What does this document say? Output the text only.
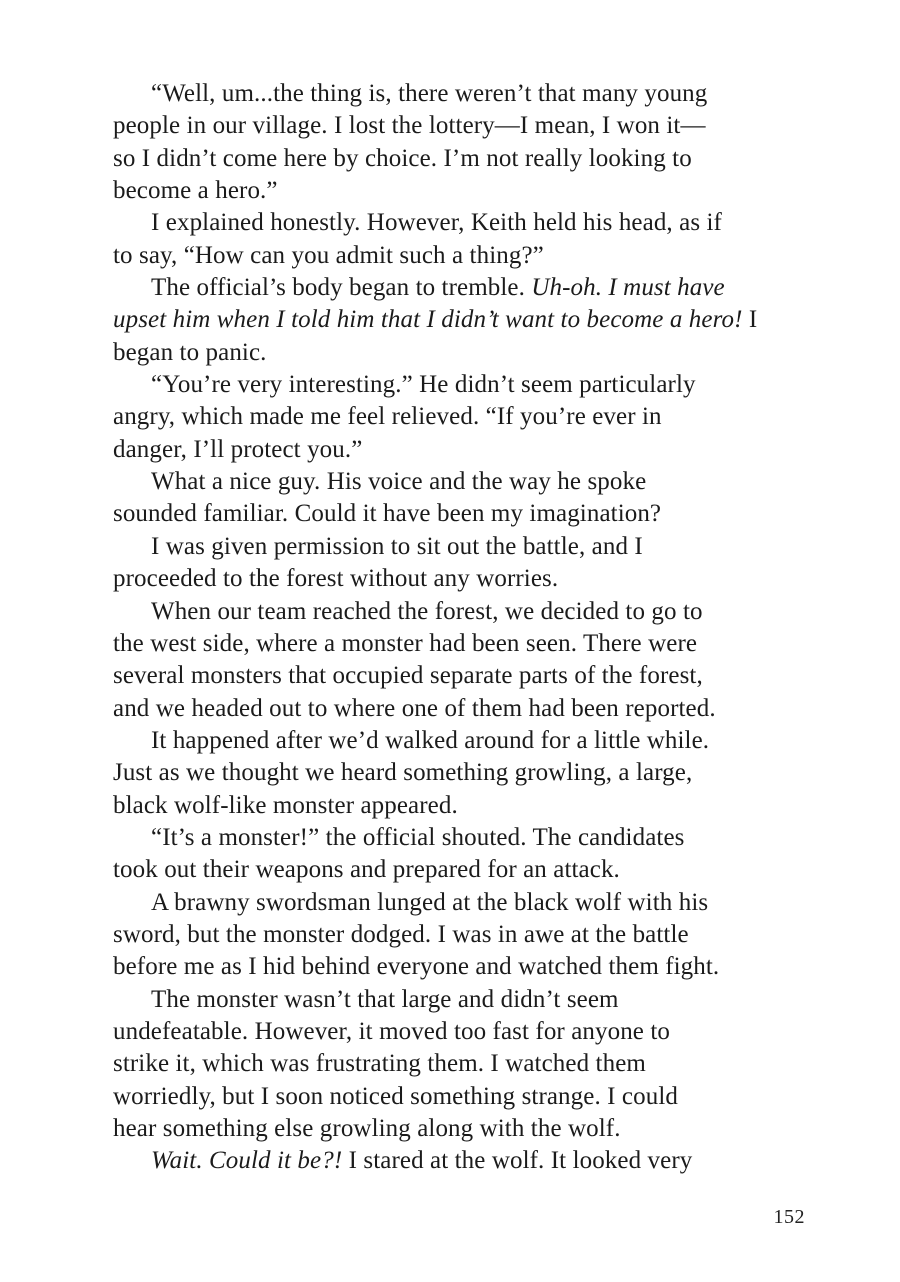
“Well, um...the thing is, there weren’t that many young
people in our village. I lost the lottery—I mean, I won it—
so I didn’t come here by choice. I’m not really looking to
become a hero.”
I explained honestly. However, Keith held his head, as if
to say, “How can you admit such a thing?”
The official’s body began to tremble. Uh-oh. I must have
upset him when I told him that I didn’t want to become a hero! I
began to panic.
“You’re very interesting.” He didn’t seem particularly
angry, which made me feel relieved. “If you’re ever in
danger, I’ll protect you.”
What a nice guy. His voice and the way he spoke
sounded familiar. Could it have been my imagination?
I was given permission to sit out the battle, and I
proceeded to the forest without any worries.
When our team reached the forest, we decided to go to
the west side, where a monster had been seen. There were
several monsters that occupied separate parts of the forest,
and we headed out to where one of them had been reported.
It happened after we’d walked around for a little while.
Just as we thought we heard something growling, a large,
black wolf-like monster appeared.
“It’s a monster!” the official shouted. The candidates
took out their weapons and prepared for an attack.
A brawny swordsman lunged at the black wolf with his
sword, but the monster dodged. I was in awe at the battle
before me as I hid behind everyone and watched them fight.
The monster wasn’t that large and didn’t seem
undefeatable. However, it moved too fast for anyone to
strike it, which was frustrating them. I watched them
worriedly, but I soon noticed something strange. I could
hear something else growling along with the wolf.
Wait. Could it be?! I stared at the wolf. It looked very
152
